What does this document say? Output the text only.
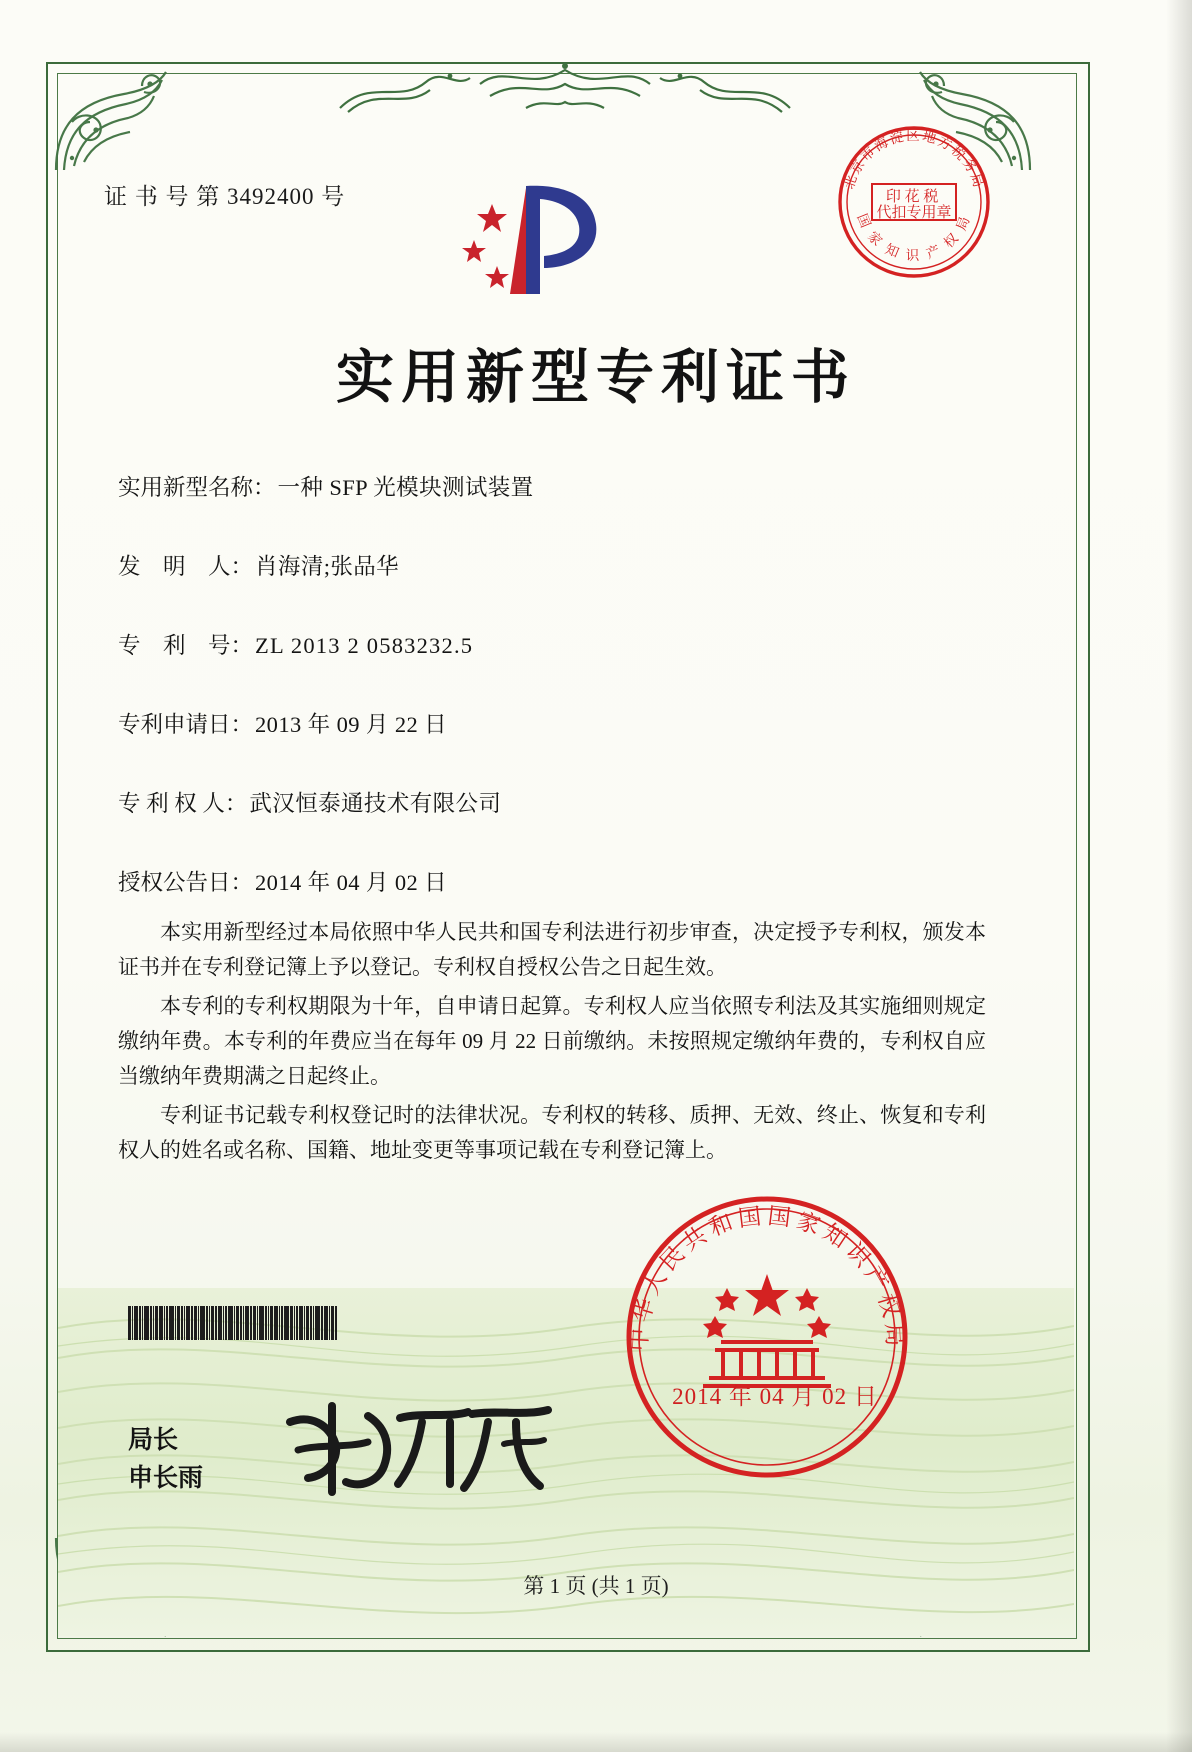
证 书 号 第 3492400 号	印 花 税 代扣专用章
北京市海淀区地方税务局
国 家 知 识 产 权 局
实用新型专利证书
实用新型名称： 一种 SFP 光模块测试装置
发　明　人： 肖海清;张品华
专　利　号： ZL 2013 2 0583232.5
专利申请日： 2013 年 09 月 22 日
专 利 权 人： 武汉恒泰通技术有限公司
授权公告日： 2014 年 04 月 02 日

本实用新型经过本局依照中华人民共和国专利法进行初步审查，决定授予专利权，颁发本证书并在专利登记簿上予以登记。专利权自授权公告之日起生效。

本专利的专利权期限为十年，自申请日起算。专利权人应当依照专利法及其实施细则规定缴纳年费。本专利的年费应当在每年 09 月 22 日前缴纳。未按照规定缴纳年费的，专利权自应当缴纳年费期满之日起终止。

专利证书记载专利权登记时的法律状况。专利权的转移、质押、无效、终止、恢复和专利权人的姓名或名称、国籍、地址变更等事项记载在专利登记簿上。

局长
申长雨
中华人民共和国国家知识产权局
2014 年 04 月 02 日
第 1 页 (共 1 页)
